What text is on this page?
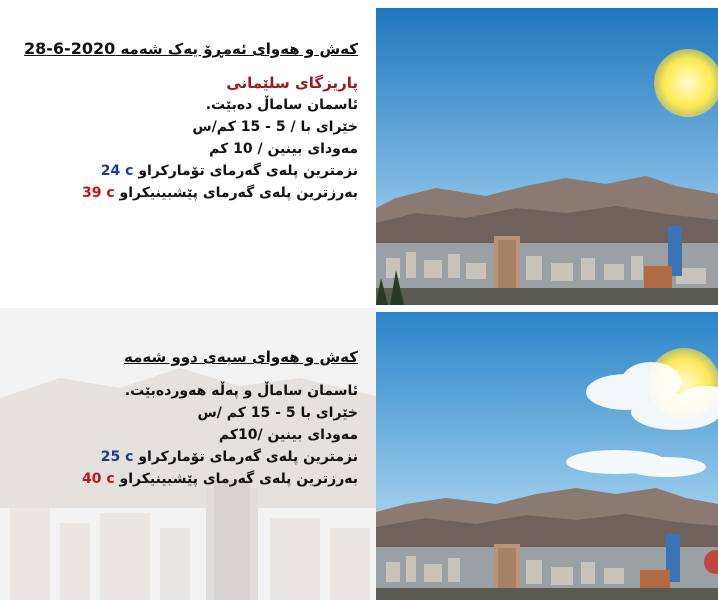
کەش و هەوای ئەمڕۆ یەک شەمە 2020-6-28
پاریزگای سلێمانی
ئاسمان ساماڵ دەبێت.
خێرای با / 5 - 15 کم/س
مەودای بینین / 10 کم
نزمترین پلەی گەرمای تۆمارکراو 24 c
بەرزترین پلەی گەرمای پێشبینیکراو 39 c
کەش و هەوای سبەی دوو شەمە
ئاسمان ساماڵ و پەڵە هەوردەبێت.
خێرای با 5 - 15 کم /س
مەودای بینین /10کم
نزمترین پلەی گەرمای تۆمارکراو 25 c
بەرزترین پلەی گەرمای پێشبینیکراو 40 c
